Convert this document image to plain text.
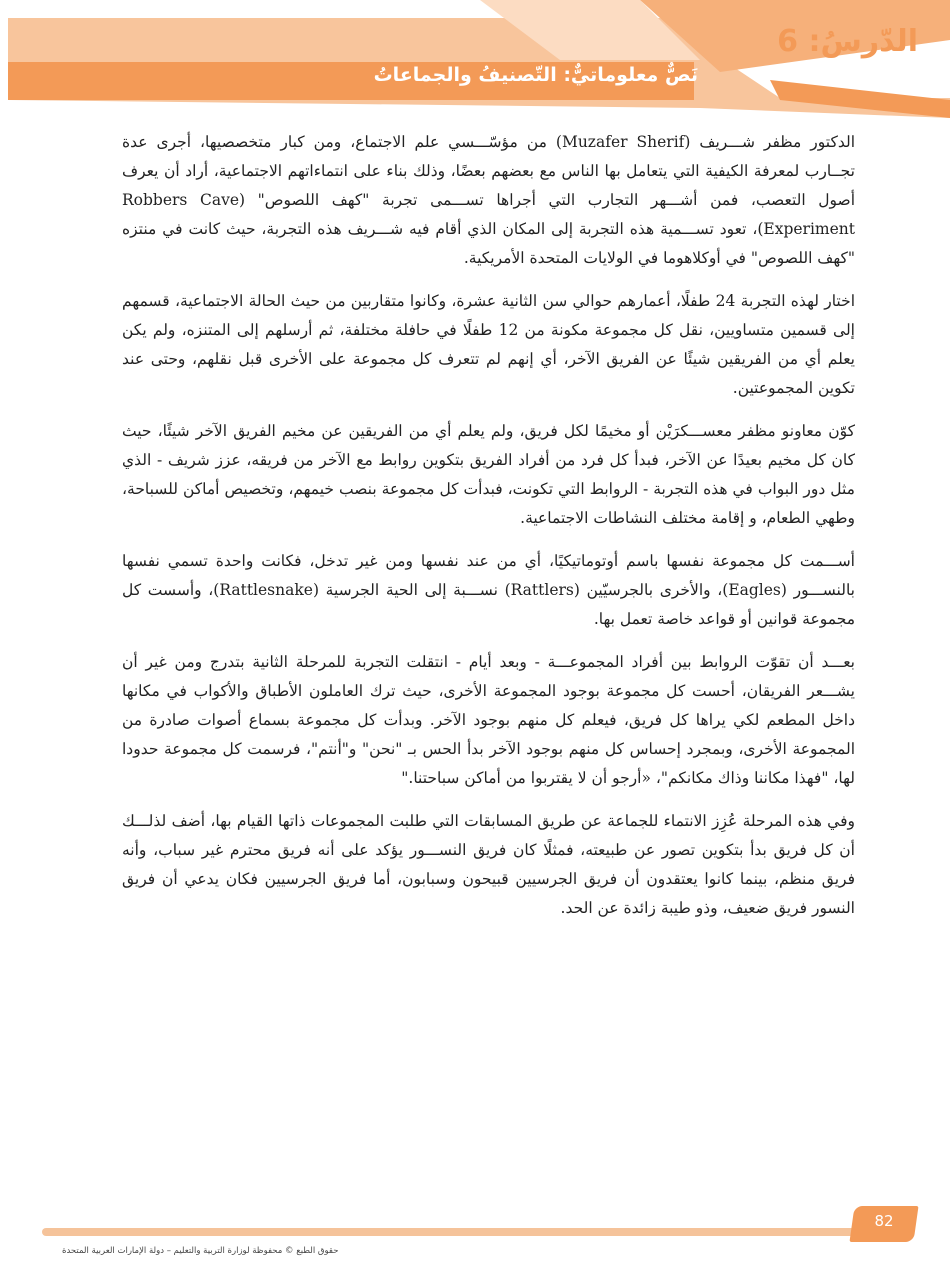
الدّرسُ: 6
نَصٌّ معلوماتيٌّ: التّصنيفُ والجماعاتُ

الدكتور مظفر شـــريف (Muzafer Sherif) من مؤسّـــسي علم الاجتماع، ومن كبار متخصصيها، أجرى عدة تجــارب لمعرفة الكيفية التي يتعامل بها الناس مع بعضهم بعضًا، وذلك بناء على انتماءاتهم الاجتماعية، أراد أن يعرف أصول التعصب، فمن أشـــهر التجارب التي أجراها تســـمى تجربة "كهف اللصوص" (Robbers Cave Experiment)، تعود تســـمية هذه التجربة إلى المكان الذي أقام فيه شـــريف هذه التجربة، حيث كانت في منتزه "كهف اللصوص" في أوكلاهوما في الولايات المتحدة الأمريكية.

اختار لهذه التجربة 24 طفلًا، أعمارهم حوالي سن الثانية عشرة، وكانوا متقاربين من حيث الحالة الاجتماعية، قسمهم إلى قسمين متساويين، نقل كل مجموعة مكونة من 12 طفلًا في حافلة مختلفة، ثم أرسلهم إلى المتنزه، ولم يكن يعلم أي من الفريقين شيئًا عن الفريق الآخر، أي إنهم لم تتعرف كل مجموعة على الأخرى قبل نقلهم، وحتى عند تكوين المجموعتين.

كوّن معاونو مظفر معســـكرَيْن أو مخيمًا لكل فريق، ولم يعلم أي من الفريقين عن مخيم الفريق الآخر شيئًا، حيث كان كل مخيم بعيدًا عن الآخر، فبدأ كل فرد من أفراد الفريق بتكوين روابط مع الآخر من فريقه، عزز شريف - الذي مثل دور البواب في هذه التجربة - الروابط التي تكونت، فبدأت كل مجموعة بنصب خيمهم، وتخصيص أماكن للسباحة، وطهي الطعام، و إقامة مختلف النشاطات الاجتماعية.

أســـمت كل مجموعة نفسها باسم أوتوماتيكيًا، أي من عند نفسها ومن غير تدخل، فكانت واحدة تسمي نفسها بالنســـور (Eagles)، والأخرى بالجرسيّين (Rattlers) نســـبة إلى الحية الجرسية (Rattlesnake)، وأسست كل مجموعة قوانين أو قواعد خاصة تعمل بها.

بعـــد أن تقوّت الروابط بين أفراد المجموعـــة - وبعد أيام - انتقلت التجربة للمرحلة الثانية بتدرج ومن غير أن يشـــعر الفريقان، أحست كل مجموعة بوجود المجموعة الأخرى، حيث ترك العاملون الأطباق والأكواب في مكانها داخل المطعم لكي يراها كل فريق، فيعلم كل منهم بوجود الآخر. وبدأت كل مجموعة بسماع أصوات صادرة من المجموعة الأخرى، وبمجرد إحساس كل منهم بوجود الآخر بدأ الحس بـ "نحن" و"أنتم"، فرسمت كل مجموعة حدودا لها، "فهذا مكاننا وذاك مكانكم"، «أرجو أن لا يقتربوا من أماكن سباحتنا."

وفي هذه المرحلة عُزِز الانتماء للجماعة عن طريق المسابقات التي طلبت المجموعات ذاتها القيام بها، أضف لذلـــك أن كل فريق بدأ بتكوين تصور عن طبيعته، فمثلًا كان فريق النســـور يؤكد على أنه فريق محترم غير سباب، وأنه فريق منظم، بينما كانوا يعتقدون أن فريق الجرسيين قبيحون وسبابون، أما فريق الجرسيين فكان يدعي أن فريق النسور فريق ضعيف، وذو طيبة زائدة عن الحد.

82
حقوق الطبع © محفوظة لوزارة التربية والتعليم – دولة الإمارات العربية المتحدة
